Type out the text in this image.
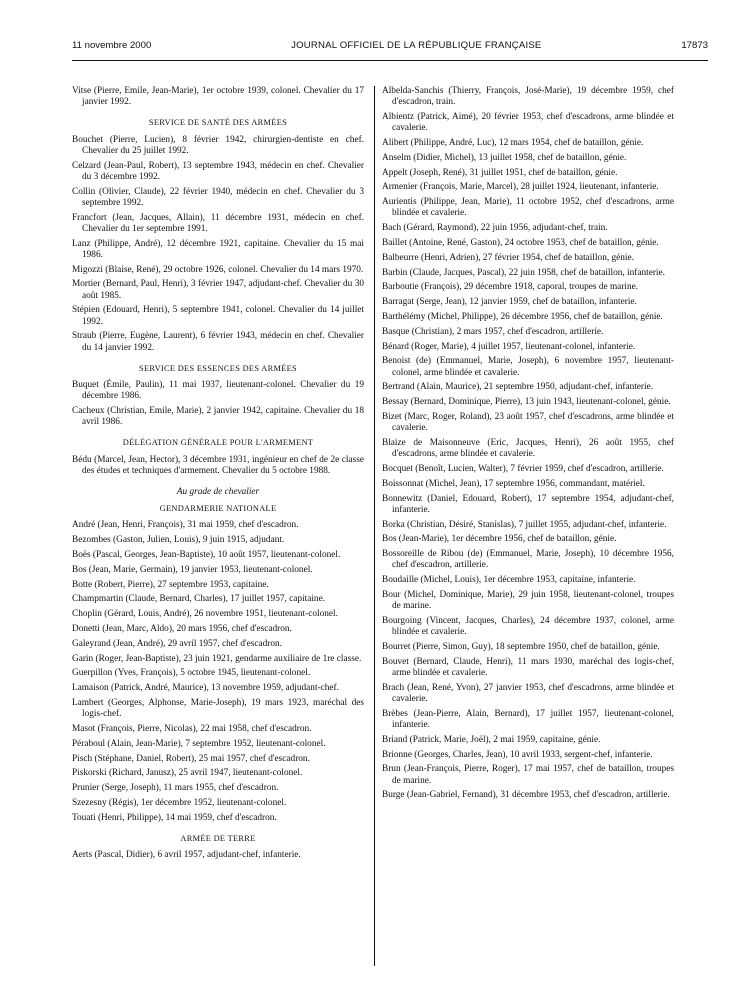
11 novembre 2000	JOURNAL OFFICIEL DE LA RÉPUBLIQUE FRANÇAISE	17873

Vitse (Pierre, Emile, Jean-Marie), 1er octobre 1939, colonel. Chevalier du 17 janvier 1992.

SERVICE DE SANTÉ DES ARMÉES

Bouchet (Pierre, Lucien), 8 février 1942, chirurgien-dentiste en chef. Chevalier du 25 juillet 1992.

Celzard (Jean-Paul, Robert), 13 septembre 1943, médecin en chef. Chevalier du 3 décembre 1992.

Collin (Olivier, Claude), 22 février 1940, médecin en chef. Chevalier du 3 septembre 1992.

Francfort (Jean, Jacques, Allain), 11 décembre 1931, médecin en chef. Chevalier du 1er septembre 1991.

Lanz (Philippe, André), 12 décembre 1921, capitaine. Chevalier du 15 mai 1986.

Migozzi (Blaise, René), 29 octobre 1926, colonel. Chevalier du 14 mars 1970.

Mortier (Bernard, Paul, Henri), 3 février 1947, adjudant-chef. Chevalier du 30 août 1985.

Stépien (Edouard, Henri), 5 septembre 1941, colonel. Chevalier du 14 juillet 1992.

Straub (Pierre, Eugène, Laurent), 6 février 1943, médecin en chef. Chevalier du 14 janvier 1992.

SERVICE DES ESSENCES DES ARMÉES

Buquet (Émile, Paulin), 11 mai 1937, lieutenant-colonel. Chevalier du 19 décembre 1986.

Cacheux (Christian, Emile, Marie), 2 janvier 1942, capitaine. Chevalier du 18 avril 1986.

DÉLÉGATION GÉNÉRALE POUR L'ARMEMENT

Bédu (Marcel, Jean, Hector), 3 décembre 1931, ingénieur en chef de 2e classe des études et techniques d'armement. Chevalier du 5 octobre 1988.

Au grade de chevalier

GENDARMERIE NATIONALE

André (Jean, Henri, François), 31 mai 1959, chef d'escadron.

Bezombes (Gaston, Julien, Louis), 9 juin 1915, adjudant.

Boës (Pascal, Georges, Jean-Baptiste), 10 août 1957, lieutenant-colonel.

Bos (Jean, Marie, Germain), 19 janvier 1953, lieutenant-colonel.

Botte (Robert, Pierre), 27 septembre 1953, capitaine.

Champmartin (Claude, Bernard, Charles), 17 juillet 1957, capitaine.

Choplin (Gérard, Louis, André), 26 novembre 1951, lieutenant-colonel.

Donetti (Jean, Marc, Aldo), 20 mars 1956, chef d'escadron.

Galeyrand (Jean, André), 29 avril 1957, chef d'escadron.

Garin (Roger, Jean-Baptiste), 23 juin 1921, gendarme auxiliaire de 1re classe.

Guerpillon (Yves, François), 5 octobre 1945, lieutenant-colonel.

Lamaison (Patrick, André, Maurice), 13 novembre 1959, adjudant-chef.

Lambert (Georges, Alphonse, Marie-Joseph), 19 mars 1923, maréchal des logis-chef.

Masot (François, Pierre, Nicolas), 22 mai 1958, chef d'escadron.

Péraboul (Alain, Jean-Marie), 7 septembre 1952, lieutenant-colonel.

Pisch (Stéphane, Daniel, Robert), 25 mai 1957, chef d'escadron.

Piskorski (Richard, Janusz), 25 avril 1947, lieutenant-colonel.

Prunier (Serge, Joseph), 11 mars 1955, chef d'escadron.

Szezesny (Régis), 1er décembre 1952, lieutenant-colonel.

Touati (Henri, Philippe), 14 mai 1959, chef d'escadron.

ARMÉE DE TERRE

Aerts (Pascal, Didier), 6 avril 1957, adjudant-chef, infanterie.

Albelda-Sanchis (Thierry, François, José-Marie), 19 décembre 1959, chef d'escadron, train.

Albientz (Patrick, Aimé), 20 février 1953, chef d'escadrons, arme blindée et cavalerie.

Alibert (Philippe, André, Luc), 12 mars 1954, chef de bataillon, génie.

Anselm (Didier, Michel), 13 juillet 1958, chef de bataillon, génie.

Appelt (Joseph, René), 31 juillet 1951, chef de bataillon, génie.

Armenier (François, Marie, Marcel), 28 juillet 1924, lieutenant, infanterie.

Aurientis (Philippe, Jean, Marie), 11 octobre 1952, chef d'escadrons, arme blindée et cavalerie.

Bach (Gérard, Raymond), 22 juin 1956, adjudant-chef, train.

Baillet (Antoine, René, Gaston), 24 octobre 1953, chef de bataillon, génie.

Balbeurre (Henri, Adrien), 27 février 1954, chef de bataillon, génie.

Barbin (Claude, Jacques, Pascal), 22 juin 1958, chef de bataillon, infanterie.

Barboutie (François), 29 décembre 1918, caporal, troupes de marine.

Barragat (Serge, Jean), 12 janvier 1959, chef de bataillon, infanterie.

Barthélémy (Michel, Philippe), 26 décembre 1956, chef de bataillon, génie.

Basque (Christian), 2 mars 1957, chef d'escadron, artillerie.

Bénard (Roger, Marie), 4 juillet 1957, lieutenant-colonel, infanterie.

Benoist (de) (Emmanuel, Marie, Joseph), 6 novembre 1957, lieutenant-colonel, arme blindée et cavalerie.

Bertrand (Alain, Maurice), 21 septembre 1950, adjudant-chef, infanterie.

Bessay (Bernard, Dominique, Pierre), 13 juin 1943, lieutenant-colonel, génie.

Bizet (Marc, Roger, Roland), 23 août 1957, chef d'escadrons, arme blindée et cavalerie.

Blaize de Maisonneuve (Eric, Jacques, Henri), 26 août 1955, chef d'escadrons, arme blindée et cavalerie.

Bocquet (Benoît, Lucien, Walter), 7 février 1959, chef d'escadron, artillerie.

Boissonnat (Michel, Jean), 17 septembre 1956, commandant, matériel.

Bonnewitz (Daniel, Edouard, Robert), 17 septembre 1954, adjudant-chef, infanterie.

Borka (Christian, Désiré, Stanislas), 7 juillet 1955, adjudant-chef, infanterie.

Bos (Jean-Marie), 1er décembre 1956, chef de bataillon, génie.

Bossoreille de Ribou (de) (Emmanuel, Marie, Joseph), 10 décembre 1956, chef d'escadron, artillerie.

Boudaille (Michel, Louis), 1er décembre 1953, capitaine, infanterie.

Bour (Michel, Dominique, Marie), 29 juin 1958, lieutenant-colonel, troupes de marine.

Bourgoing (Vincent, Jacques, Charles), 24 décembre 1937, colonel, arme blindée et cavalerie.

Bourret (Pierre, Simon, Guy), 18 septembre 1950, chef de bataillon, génie.

Bouvet (Bernard, Claude, Henri), 11 mars 1930, maréchal des logis-chef, arme blindée et cavalerie.

Brach (Jean, René, Yvon), 27 janvier 1953, chef d'escadrons, arme blindée et cavalerie.

Brèbes (Jean-Pierre, Alain, Bernard), 17 juillet 1957, lieutenant-colonel, infanterie.

Briand (Patrick, Marie, Joël), 2 mai 1959, capitaine, génie.

Brionne (Georges, Charles, Jean), 10 avril 1933, sergent-chef, infanterie.

Brun (Jean-François, Pierre, Roger), 17 mai 1957, chef de bataillon, troupes de marine.

Burge (Jean-Gabriel, Fernand), 31 décembre 1953, chef d'escadron, artillerie.
